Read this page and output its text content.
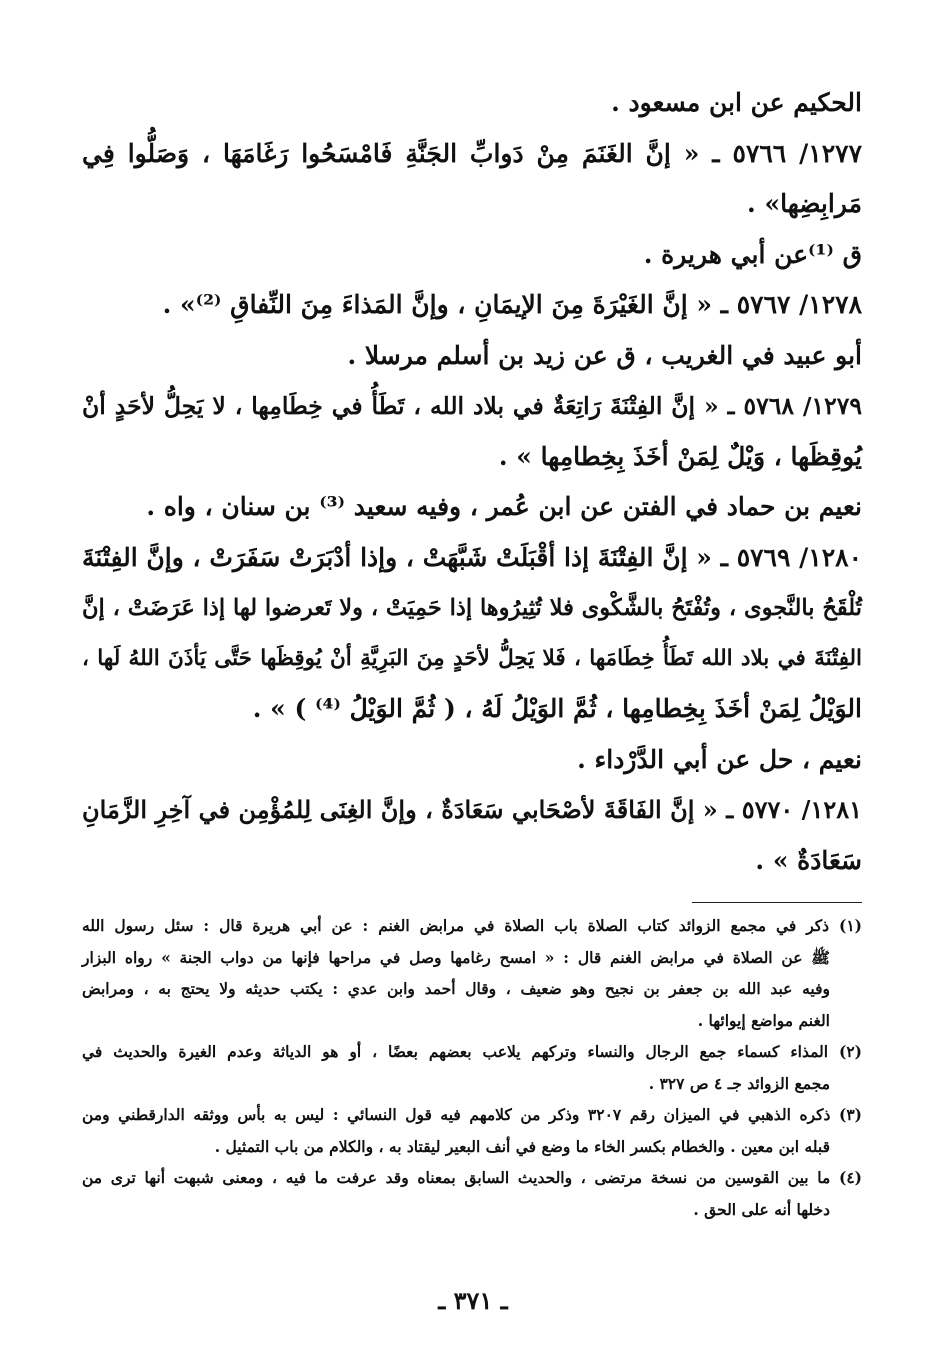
الحكيم عن ابن مسعود .
١٢٧٧/ ٥٧٦٦ ـ « إنَّ الغَنَمَ مِنْ دَوابِّ الجَنَّةِ فَامْسَحُوا رَغَامَهَا ، وَصَلُّوا فِي
مَرابِضِها» .
ق ⁽¹⁾عن أبي هريرة .
١٢٧٨/ ٥٧٦٧ ـ « إنَّ الغَيْرَةَ مِنَ الإيمَانِ ، وإنَّ المَذاءَ مِنَ النِّفاقِ ⁽²⁾» .
أبو عبيد في الغريب ، ق عن زيد بن أسلم مرسلا .
١٢٧٩/ ٥٧٦٨ ـ « إنَّ الفِتْنَةَ رَاتِعَةٌ في بلاد الله ، تَطَأُ في خِطَامِها ، لا يَحِلُّ لأحَدٍ أنْ
يُوقِظَها ، وَيْلٌ لِمَنْ أخَذَ بِخِطامِها » .
نعيم بن حماد في الفتن عن ابن عُمر ، وفيه سعيد ⁽³⁾ بن سنان ، واه .
١٢٨٠/ ٥٧٦٩ ـ « إنَّ الفِتْنَةَ إذا أقْبَلَتْ شَبَّهَتْ ، وإذا أدْبَرَتْ سَفَرَتْ ، وإنَّ الفِتْنَةَ
تُلْقَحُ بالنَّجوى ، وتُفْتَحُ بالشَّكْوى فلا تُثِيرُوها إذا حَمِيَتْ ، ولا تَعرضوا لها إذا عَرَضَتْ ، إنَّ
الفِتْنَةَ في بلاد الله تَطَأُ خِطَامَها ، فَلا يَحِلُّ لأحَدٍ مِنَ البَرِيَّةِ أنْ يُوقِظَها حَتَّى يَأذَنَ اللهُ لَها ،
الوَيْلُ لِمَنْ أخَذَ بِخِطامِها ، ثُمَّ الوَيْلُ لَهُ ، ( ثُمَّ الوَيْلُ ⁽⁴⁾ ) » .
نعيم ، حل عن أبي الدَّرْداء .
١٢٨١/ ٥٧٧٠ ـ « إنَّ الفَاقَةَ لأصْحَابي سَعَادَةٌ ، وإنَّ الغِنَى لِلمُؤْمِن في آخِرِ الزَّمَانِ
سَعَادَةٌ » .
(١) ذكر في مجمع الزوائد كتاب الصلاة باب الصلاة في مرابض الغنم : عن أبي هريرة قال : سئل رسول الله
ﷺ عن الصلاة في مرابض الغنم قال : « امسح رغامها وصل في مراحها فإنها من دواب الجنة » رواه البزار
وفيه عبد الله بن جعفر بن نجيح وهو ضعيف ، وقال أحمد وابن عدي : يكتب حديثه ولا يحتج به ، ومرابض
الغنم مواضع إيوائها .
(٢) المذاء كسماء جمع الرجال والنساء وتركهم يلاعب بعضهم بعضًا ، أو هو الدياثة وعدم الغيرة والحديث في
مجمع الزوائد جـ ٤ ص ٣٢٧ .
(٣) ذكره الذهبي في الميزان رقم ٣٢٠٧ وذكر من كلامهم فيه قول النسائي : ليس به بأس ووثقه الدارقطني ومن
قبله ابن معين . والخطام بكسر الخاء ما وضع في أنف البعير ليقتاد به ، والكلام من باب التمثيل .
(٤) ما بين القوسين من نسخة مرتضى ، والحديث السابق بمعناه وقد عرفت ما فيه ، ومعنى شبهت أنها ترى من
دخلها أنه على الحق .
ـ ٣٧١ ـ
